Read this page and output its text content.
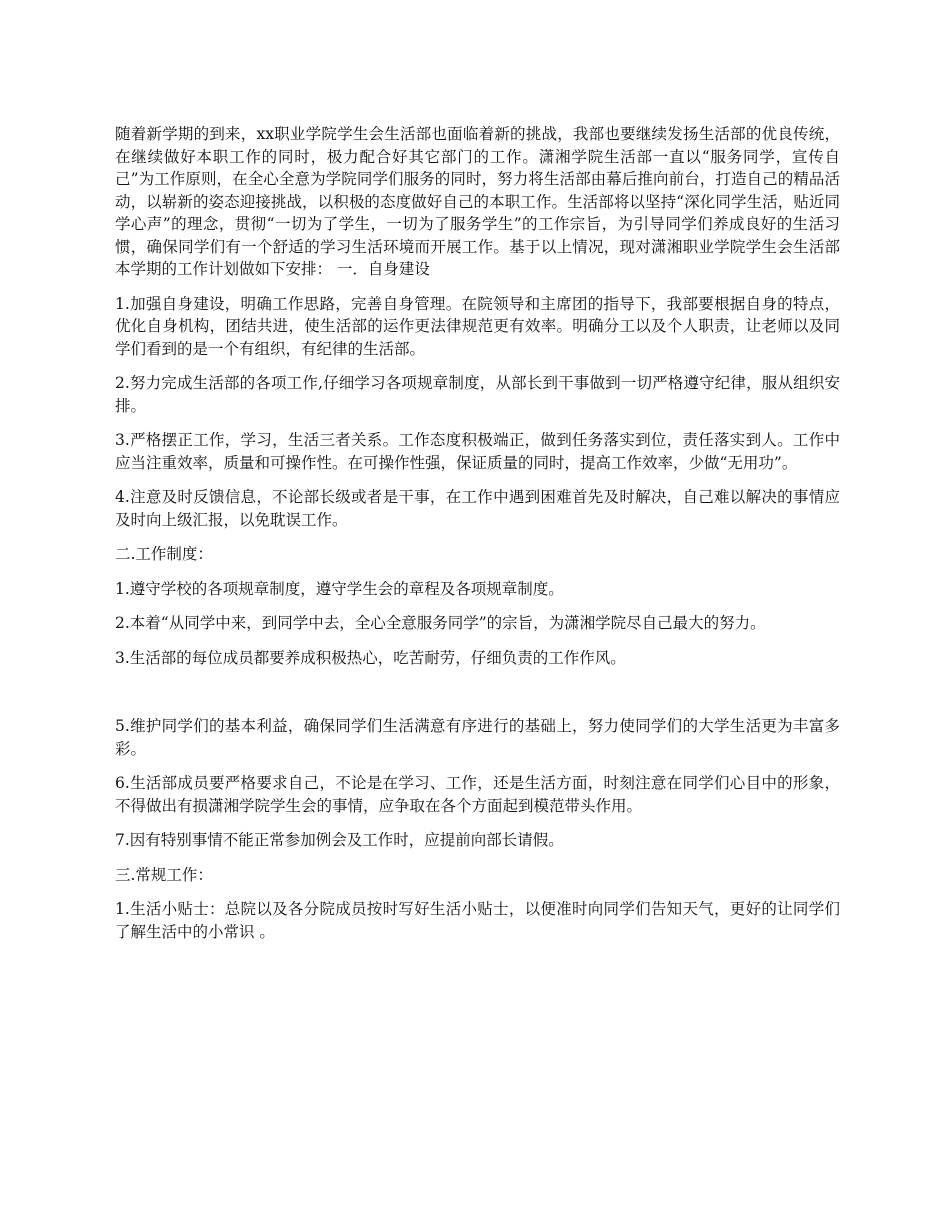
随着新学期的到来，xx职业学院学生会生活部也面临着新的挑战，我部也要继续发扬生活部的优良传统，在继续做好本职工作的同时，极力配合好其它部门的工作。潇湘学院生活部一直以“服务同学，宣传自己”为工作原则，在全心全意为学院同学们服务的同时，努力将生活部由幕后推向前台，打造自己的精品活动，以崭新的姿态迎接挑战，以积极的态度做好自己的本职工作。生活部将以坚持“深化同学生活，贴近同学心声”的理念，贯彻“一切为了学生，一切为了服务学生”的工作宗旨，为引导同学们养成良好的生活习惯，确保同学们有一个舒适的学习生活环境而开展工作。基于以上情况，现对潇湘职业学院学生会生活部本学期的工作计划做如下安排： 一．自身建设

1.加强自身建设，明确工作思路，完善自身管理。在院领导和主席团的指导下，我部要根据自身的特点，优化自身机构，团结共进，使生活部的运作更法律规范更有效率。明确分工以及个人职责，让老师以及同学们看到的是一个有组织，有纪律的生活部。

2.努力完成生活部的各项工作,仔细学习各项规章制度，从部长到干事做到一切严格遵守纪律，服从组织安排。

3.严格摆正工作，学习，生活三者关系。工作态度积极端正，做到任务落实到位，责任落实到人。工作中应当注重效率，质量和可操作性。在可操作性强，保证质量的同时，提高工作效率，少做“无用功”。

4.注意及时反馈信息，不论部长级或者是干事，在工作中遇到困难首先及时解决，自己难以解决的事情应及时向上级汇报，以免耽误工作。

二.工作制度：

1.遵守学校的各项规章制度，遵守学生会的章程及各项规章制度。

2.本着“从同学中来，到同学中去，全心全意服务同学”的宗旨，为潇湘学院尽自己最大的努力。

3.生活部的每位成员都要养成积极热心，吃苦耐劳，仔细负责的工作作风。

5.维护同学们的基本利益，确保同学们生活满意有序进行的基础上，努力使同学们的大学生活更为丰富多彩。

6.生活部成员要严格要求自己，不论是在学习、工作，还是生活方面，时刻注意在同学们心目中的形象，不得做出有损潇湘学院学生会的事情，应争取在各个方面起到模范带头作用。

7.因有特别事情不能正常参加例会及工作时，应提前向部长请假。

三.常规工作：

1.生活小贴士：总院以及各分院成员按时写好生活小贴士，以便准时向同学们告知天气，更好的让同学们了解生活中的小常识 。
